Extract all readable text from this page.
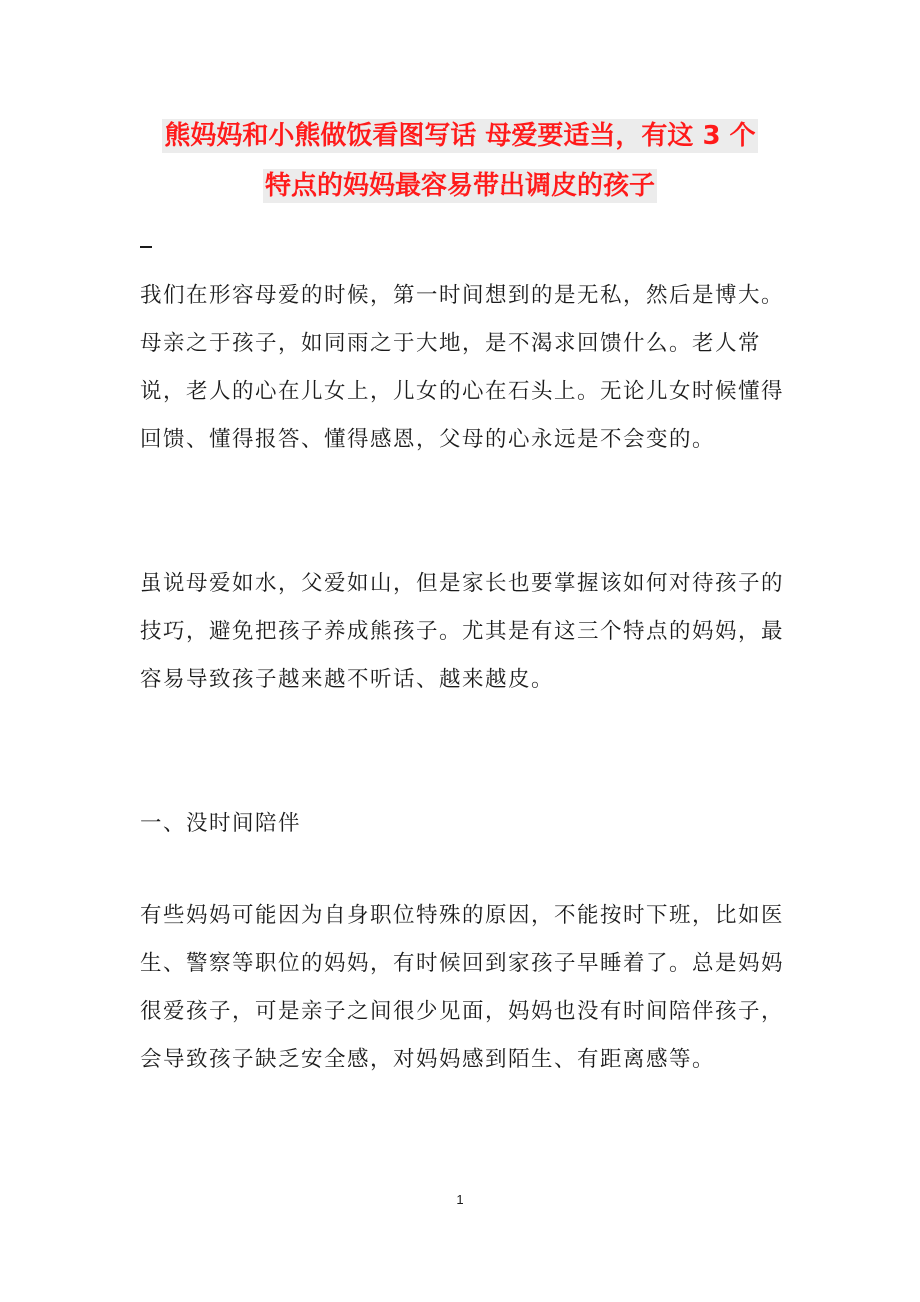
熊妈妈和小熊做饭看图写话 母爱要适当，有这 3 个
特点的妈妈最容易带出调皮的孩子

我们在形容母爱的时候，第一时间想到的是无私，然后是博大。母亲之于孩子，如同雨之于大地，是不渴求回馈什么。老人常说，老人的心在儿女上，儿女的心在石头上。无论儿女时候懂得回馈、懂得报答、懂得感恩，父母的心永远是不会变的。

虽说母爱如水，父爱如山，但是家长也要掌握该如何对待孩子的技巧，避免把孩子养成熊孩子。尤其是有这三个特点的妈妈，最容易导致孩子越来越不听话、越来越皮。

一、没时间陪伴

有些妈妈可能因为自身职位特殊的原因，不能按时下班，比如医生、警察等职位的妈妈，有时候回到家孩子早睡着了。总是妈妈很爱孩子，可是亲子之间很少见面，妈妈也没有时间陪伴孩子，会导致孩子缺乏安全感，对妈妈感到陌生、有距离感等。

1
